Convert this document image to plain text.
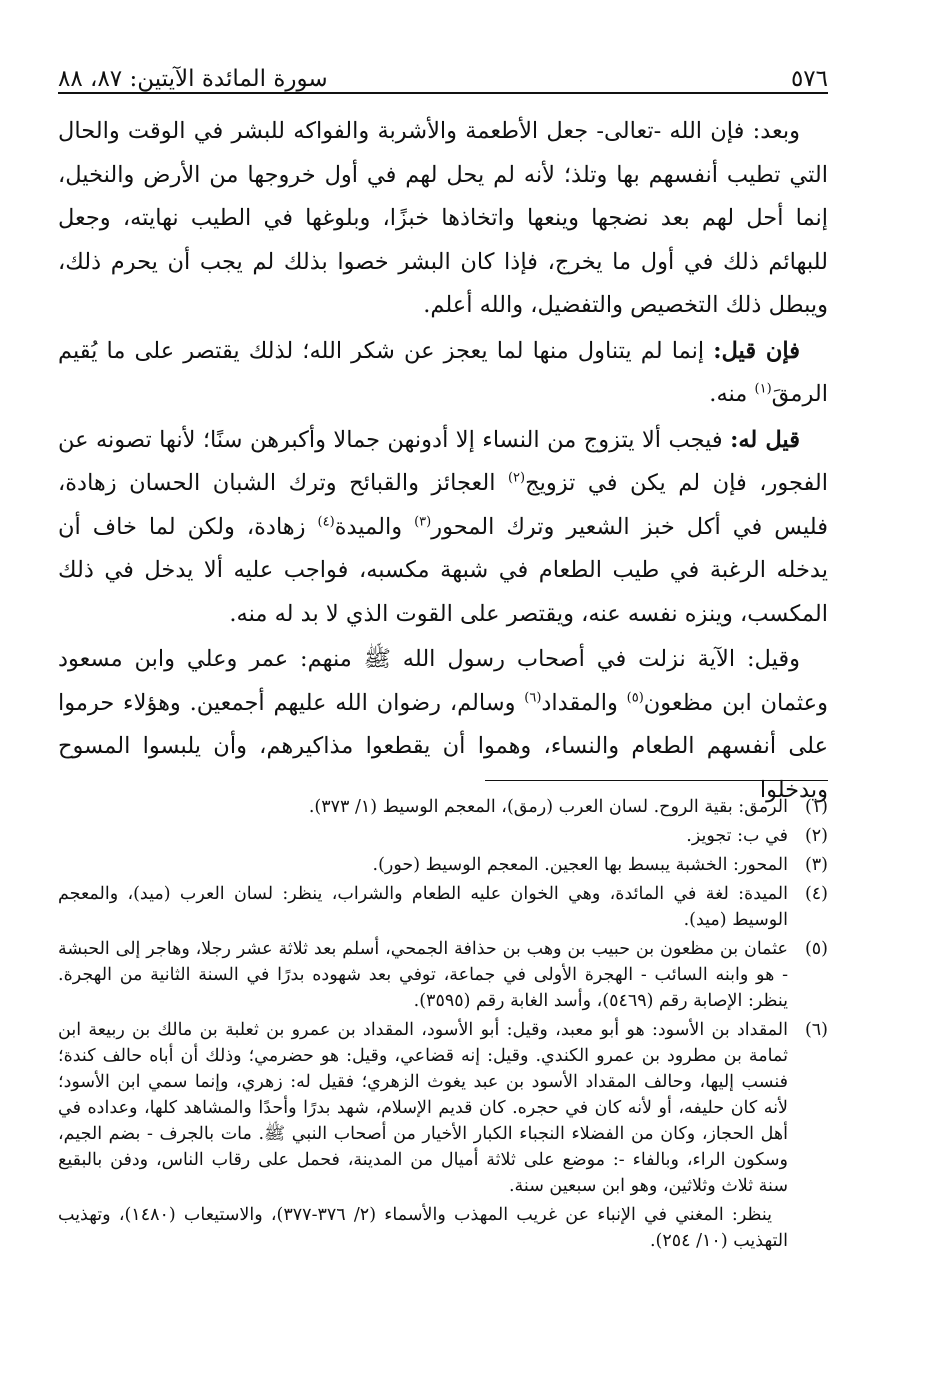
٥٧٦
سورة المائدة الآيتين: ٨٧، ٨٨

وبعد: فإن الله -تعالى- جعل الأطعمة والأشربة والفواكه للبشر في الوقت والحال التي تطيب أنفسهم بها وتلذ؛ لأنه لم يحل لهم في أول خروجها من الأرض والنخيل، إنما أحل لهم بعد نضجها وينعها واتخاذها خبزًا، وبلوغها في الطيب نهايته، وجعل للبهائم ذلك في أول ما يخرج، فإذا كان البشر خصوا بذلك لم يجب أن يحرم ذلك، ويبطل ذلك التخصيص والتفضيل، والله أعلم.

فإن قيل: إنما لم يتناول منها لما يعجز عن شكر الله؛ لذلك يقتصر على ما يُقيم الرمقَ$^{(١)}$ منه.

قيل له: فيجب ألا يتزوج من النساء إلا أدونهن جمالا وأكبرهن سنًا؛ لأنها تصونه عن الفجور، فإن لم يكن في تزويج$^{(٢)}$ العجائز والقبائح وترك الشبان الحسان زهادة، فليس في أكل خبز الشعير وترك المحور$^{(٣)}$ والميدة$^{(٤)}$ زهادة، ولكن لما خاف أن يدخله الرغبة في طيب الطعام في شبهة مكسبه، فواجب عليه ألا يدخل في ذلك المكسب، وينزه نفسه عنه، ويقتصر على القوت الذي لا بد له منه.

وقيل: الآية نزلت في أصحاب رسول الله ﷺ منهم: عمر وعلي وابن مسعود وعثمان ابن مظعون$^{(٥)}$ والمقداد$^{(٦)}$ وسالم، رضوان الله عليهم أجمعين. وهؤلاء حرموا على أنفسهم الطعام والنساء، وهموا أن يقطعوا مذاكيرهم، وأن يلبسوا المسوح ويدخلوا

(١)
الرمق: بقية الروح. لسان العرب (رمق)، المعجم الوسيط (١/ ٣٧٣).
(٢)
في ب: تجويز.
(٣)
المحور: الخشبة يبسط بها العجين. المعجم الوسيط (حور).
(٤)
الميدة: لغة في المائدة، وهي الخوان عليه الطعام والشراب، ينظر: لسان العرب (ميد)، والمعجم الوسيط (ميد).
(٥)
عثمان بن مظعون بن حبيب بن وهب بن حذافة الجمحي، أسلم بعد ثلاثة عشر رجلا، وهاجر إلى الحبشة - هو وابنه السائب - الهجرة الأولى في جماعة، توفي بعد شهوده بدرًا في السنة الثانية من الهجرة. ينظر: الإصابة رقم (٥٤٦٩)، وأسد الغابة رقم (٣٥٩٥).
(٦)
المقداد بن الأسود: هو أبو معبد، وقيل: أبو الأسود، المقداد بن عمرو بن ثعلبة بن مالك بن ربيعة ابن ثمامة بن مطرود بن عمرو الكندي. وقيل: إنه قضاعي، وقيل: هو حضرمي؛ وذلك أن أباه حالف كندة؛ فنسب إليها، وحالف المقداد الأسود بن عبد يغوث الزهري؛ فقيل له: زهري، وإنما سمي ابن الأسود؛ لأنه كان حليفه، أو لأنه كان في حجره. كان قديم الإسلام، شهد بدرًا وأحدًا والمشاهد كلها، وعداده في أهل الحجاز، وكان من الفضلاء النجباء الكبار الأخيار من أصحاب النبي ﷺ. مات بالجرف - بضم الجيم، وسكون الراء، وبالفاء -: موضع على ثلاثة أميال من المدينة، فحمل على رقاب الناس، ودفن بالبقيع سنة ثلاث وثلاثين، وهو ابن سبعين سنة.
ينظر: المغني في الإنباء عن غريب المهذب والأسماء (٢/ ٣٧٦-٣٧٧)، والاستيعاب (١٤٨٠)، وتهذيب التهذيب (١٠/ ٢٥٤).
